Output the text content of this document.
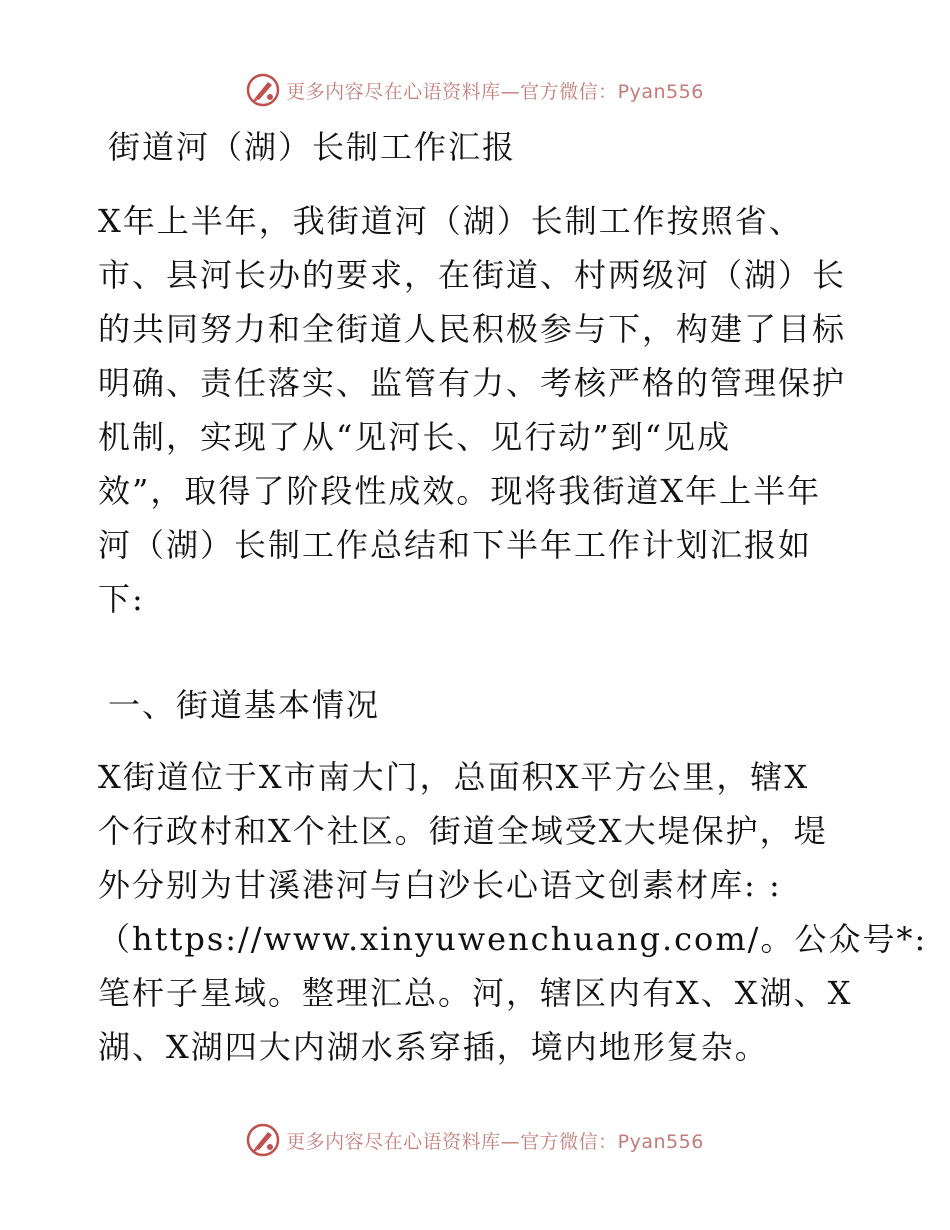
更多内容尽在心语资料库—官方微信：Pyan556
街道河（湖）长制工作汇报

X年上半年，我街道河（湖）长制工作按照省、
市、县河长办的要求，在街道、村两级河（湖）长
的共同努力和全街道人民积极参与下，构建了目标
明确、责任落实、监管有力、考核严格的管理保护
机制，实现了从“见河长、见行动”到“见成
效”，取得了阶段性成效。现将我街道X年上半年
河（湖）长制工作总结和下半年工作计划汇报如
下:

一、街道基本情况

X街道位于X市南大门，总面积X平方公里，辖X
个行政村和X个社区。街道全域受X大堤保护，堤
外分别为甘溪港河与白沙长心语文创素材库: :
（https://www.xinyuwenchuang.com/。公众号*:
笔杆子星域。整理汇总。河，辖区内有X、X湖、X
湖、X湖四大内湖水系穿插，境内地形复杂。

更多内容尽在心语资料库—官方微信：Pyan556
